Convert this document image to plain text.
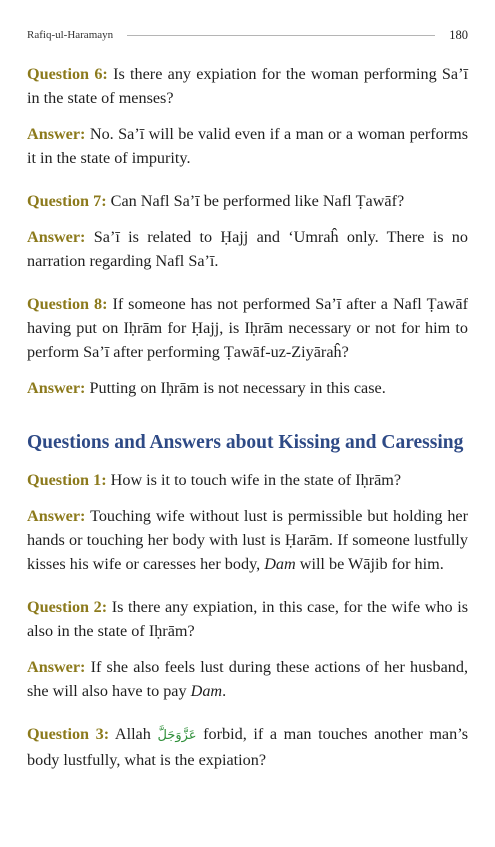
Rafiq-ul-Haramayn	180

Question 6: Is there any expiation for the woman performing Sa’ī in the state of menses?

Answer: No. Sa’ī will be valid even if a man or a woman performs it in the state of impurity.

Question 7: Can Nafl Sa’ī be performed like Nafl Ṭawāf?

Answer: Sa’ī is related to Ḥajj and ‘Umraĥ only. There is no narration regarding Nafl Sa’ī.

Question 8: If someone has not performed Sa’ī after a Nafl Ṭawāf having put on Iḥrām for Ḥajj, is Iḥrām necessary or not for him to perform Sa’ī after performing Ṭawāf-uz-Ziyāraĥ?

Answer: Putting on Iḥrām is not necessary in this case.

Questions and Answers about Kissing and Caressing

Question 1: How is it to touch wife in the state of Iḥrām?

Answer: Touching wife without lust is permissible but holding her hands or touching her body with lust is Ḥarām. If someone lustfully kisses his wife or caresses her body, Dam will be Wājib for him.

Question 2: Is there any expiation, in this case, for the wife who is also in the state of Iḥrām?

Answer: If she also feels lust during these actions of her husband, she will also have to pay Dam.

Question 3: Allah عَزَّوَجَلَّ forbid, if a man touches another man’s body lustfully, what is the expiation?
